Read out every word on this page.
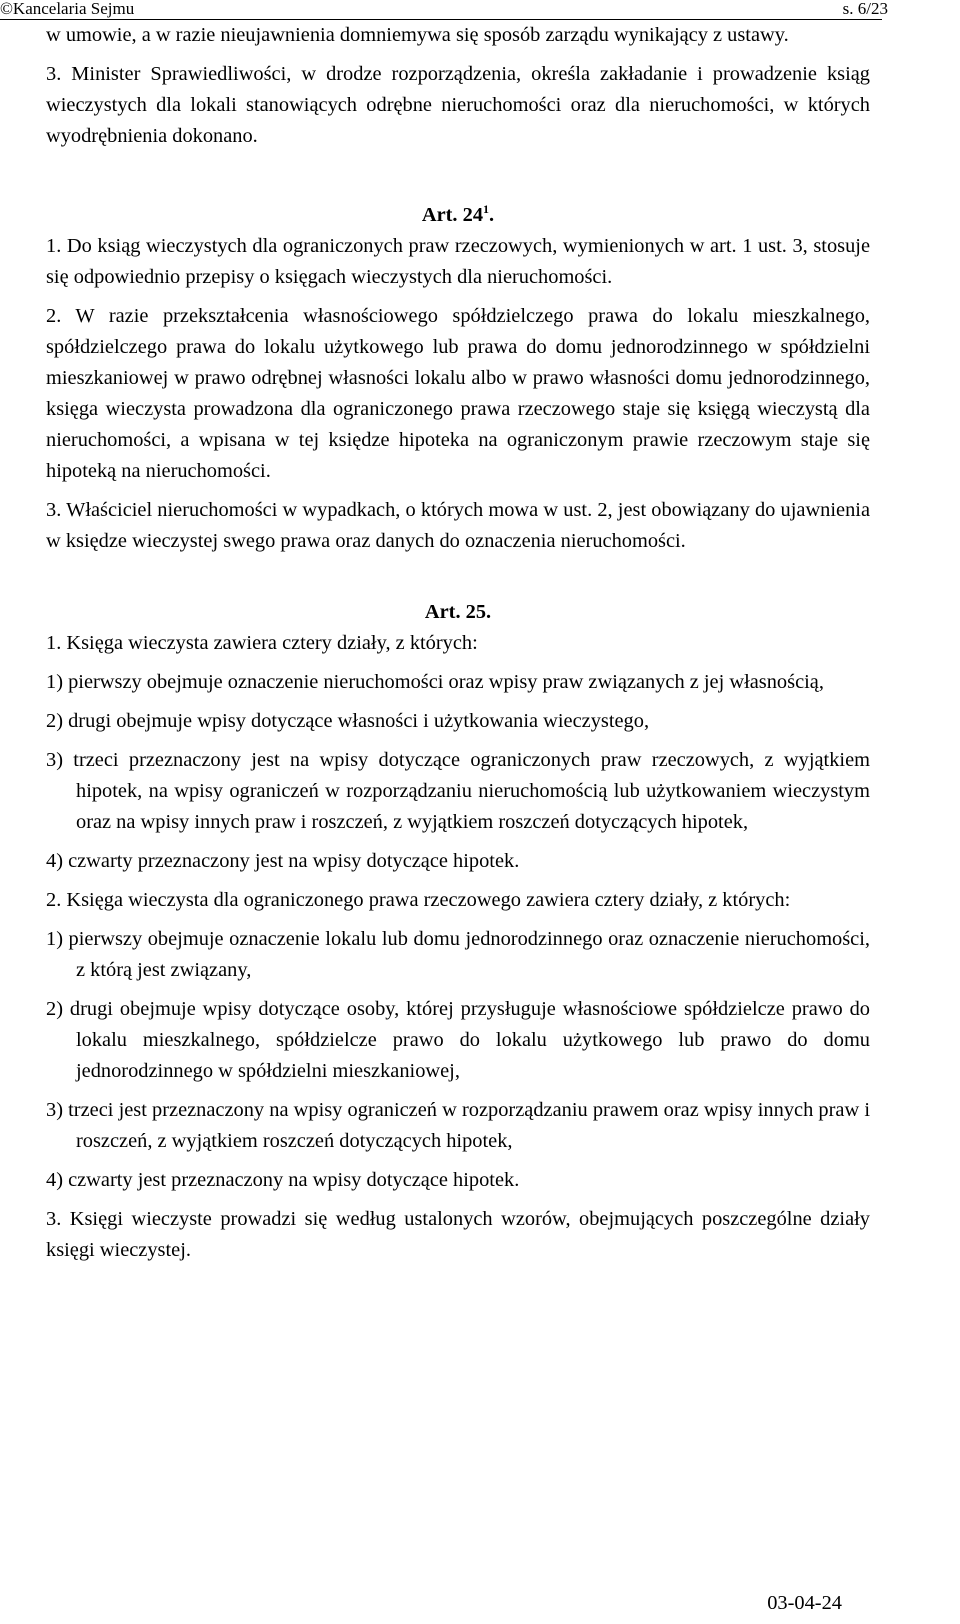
©Kancelaria Sejmu	s. 6/23

w umowie, a w razie nieujawnienia domniemywa się sposób zarządu wynikający z ustawy.

3. Minister Sprawiedliwości, w drodze rozporządzenia, określa zakładanie i prowadzenie ksiąg wieczystych dla lokali stanowiących odrębne nieruchomości oraz dla nieruchomości, w których wyodrębnienia dokonano.

Art. $24^1$.

1. Do ksiąg wieczystych dla ograniczonych praw rzeczowych, wymienionych w art. 1 ust. 3, stosuje się odpowiednio przepisy o księgach wieczystych dla nieruchomości.

2. W razie przekształcenia własnościowego spółdzielczego prawa do lokalu mieszkalnego, spółdzielczego prawa do lokalu użytkowego lub prawa do domu jednorodzinnego w spółdzielni mieszkaniowej w prawo odrębnej własności lokalu albo w prawo własności domu jednorodzinnego, księga wieczysta prowadzona dla ograniczonego prawa rzeczowego staje się księgą wieczystą dla nieruchomości, a wpisana w tej księdze hipoteka na ograniczonym prawie rzeczowym staje się hipoteką na nieruchomości.

3. Właściciel nieruchomości w wypadkach, o których mowa w ust. 2, jest obowiązany do ujawnienia w księdze wieczystej swego prawa oraz danych do oznaczenia nieruchomości.

Art. 25.

1. Księga wieczysta zawiera cztery działy, z których:

1) pierwszy obejmuje oznaczenie nieruchomości oraz wpisy praw związanych z jej własnością,

2) drugi obejmuje wpisy dotyczące własności i użytkowania wieczystego,

3) trzeci przeznaczony jest na wpisy dotyczące ograniczonych praw rzeczowych, z wyjątkiem hipotek, na wpisy ograniczeń w rozporządzaniu nieruchomością lub użytkowaniem wieczystym oraz na wpisy innych praw i roszczeń, z wyjątkiem roszczeń dotyczących hipotek,

4) czwarty przeznaczony jest na wpisy dotyczące hipotek.

2. Księga wieczysta dla ograniczonego prawa rzeczowego zawiera cztery działy, z których:

1) pierwszy obejmuje oznaczenie lokalu lub domu jednorodzinnego oraz oznaczenie nieruchomości, z którą jest związany,

2) drugi obejmuje wpisy dotyczące osoby, której przysługuje własnościowe spółdzielcze prawo do lokalu mieszkalnego, spółdzielcze prawo do lokalu użytkowego lub prawo do domu jednorodzinnego w spółdzielni mieszkaniowej,

3) trzeci jest przeznaczony na wpisy ograniczeń w rozporządzaniu prawem oraz wpisy innych praw i roszczeń, z wyjątkiem roszczeń dotyczących hipotek,

4) czwarty jest przeznaczony na wpisy dotyczące hipotek.

3. Księgi wieczyste prowadzi się według ustalonych wzorów, obejmujących poszczególne działy księgi wieczystej.

03-04-24
